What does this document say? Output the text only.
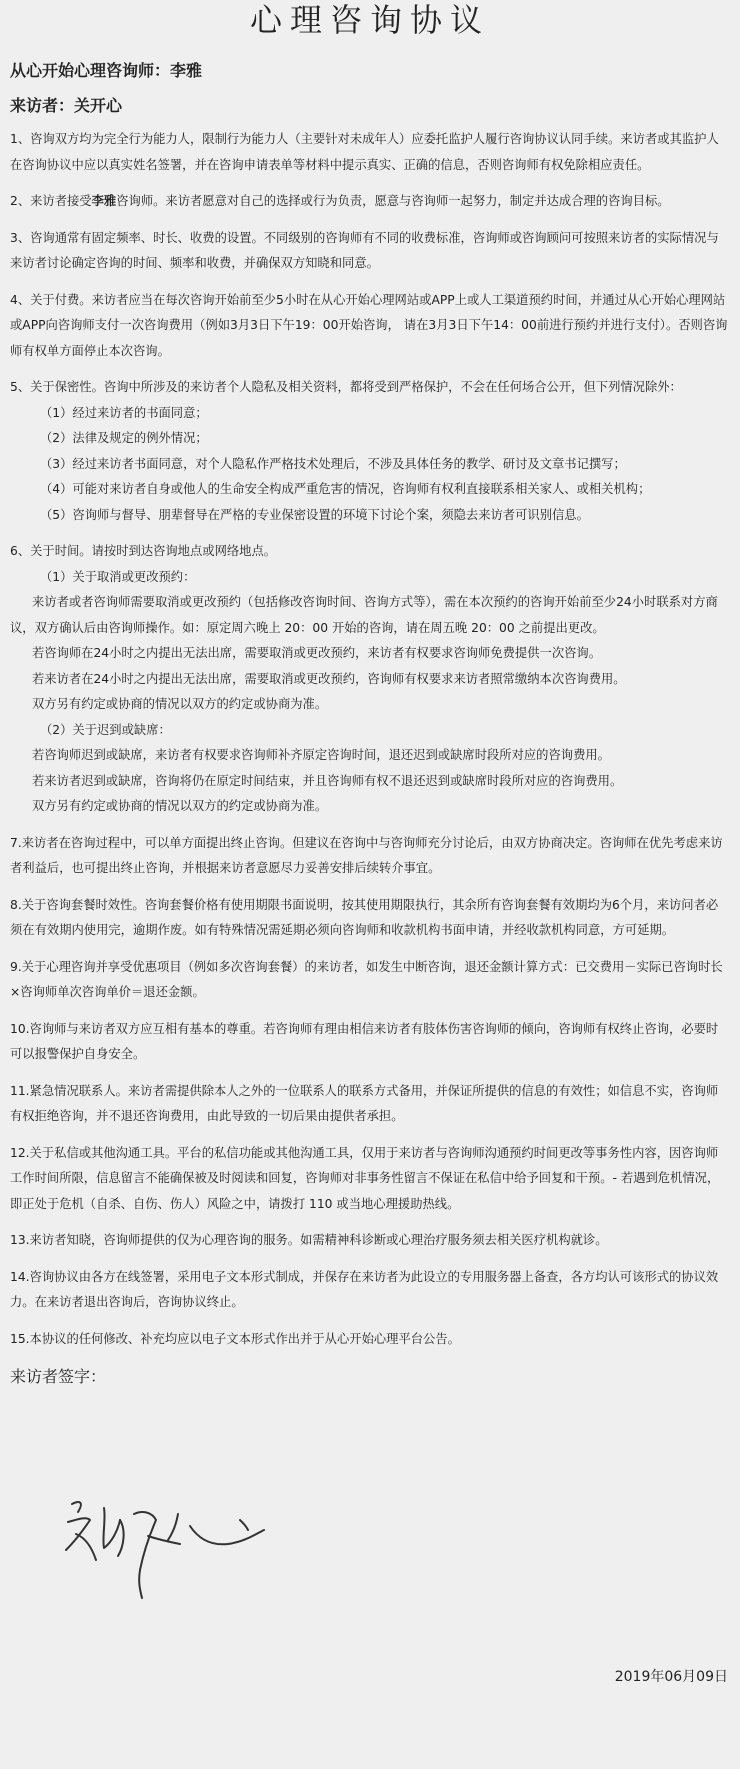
心理咨询协议
从心开始心理咨询师：李雅
来访者：关开心

1、咨询双方均为完全行为能力人，限制行为能力人（主要针对未成年人）应委托监护人履行咨询协议认同手续。来访者或其监护人在咨询协议中应以真实姓名签署，并在咨询申请表单等材料中提示真实、正确的信息，否则咨询师有权免除相应责任。

2、来访者接受李雅咨询师。来访者愿意对自己的选择或行为负责，愿意与咨询师一起努力，制定并达成合理的咨询目标。

3、咨询通常有固定频率、时长、收费的设置。不同级别的咨询师有不同的收费标准，咨询师或咨询顾问可按照来访者的实际情况与来访者讨论确定咨询的时间、频率和收费，并确保双方知晓和同意。

4、关于付费。来访者应当在每次咨询开始前至少5小时在从心开始心理网站或APP上或人工渠道预约时间，并通过从心开始心理网站或APP向咨询师支付一次咨询费用（例如3月3日下午19：00开始咨询， 请在3月3日下午14：00前进行预约并进行支付）。否则咨询师有权单方面停止本次咨询。

5、关于保密性。咨询中所涉及的来访者个人隐私及相关资料，都将受到严格保护，不会在任何场合公开，但下列情况除外：

（1）经过来访者的书面同意；
（2）法律及规定的例外情况；
（3）经过来访者书面同意，对个人隐私作严格技术处理后，不涉及具体任务的教学、研讨及文章书记撰写；
（4）可能对来访者自身或他人的生命安全构成严重危害的情况，咨询师有权利直接联系相关家人、或相关机构；
（5）咨询师与督导、朋辈督导在严格的专业保密设置的环境下讨论个案，须隐去来访者可识别信息。

6、关于时间。请按时到达咨询地点或网络地点。

（1）关于取消或更改预约：
来访者或者咨询师需要取消或更改预约（包括修改咨询时间、咨询方式等），需在本次预约的咨询开始前至少24小时联系对方商议，双方确认后由咨询师操作。如：原定周六晚上 20：00 开始的咨询，请在周五晚 20：00 之前提出更改。
若咨询师在24小时之内提出无法出席，需要取消或更改预约，来访者有权要求咨询师免费提供一次咨询。
若来访者在24小时之内提出无法出席，需要取消或更改预约，咨询师有权要求来访者照常缴纳本次咨询费用。
双方另有约定或协商的情况以双方的约定或协商为准。
（2）关于迟到或缺席：
若咨询师迟到或缺席，来访者有权要求咨询师补齐原定咨询时间，退还迟到或缺席时段所对应的咨询费用。
若来访者迟到或缺席，咨询将仍在原定时间结束，并且咨询师有权不退还迟到或缺席时段所对应的咨询费用。
双方另有约定或协商的情况以双方的约定或协商为准。

7.来访者在咨询过程中，可以单方面提出终止咨询。但建议在咨询中与咨询师充分讨论后，由双方协商决定。咨询师在优先考虑来访者利益后，也可提出终止咨询，并根据来访者意愿尽力妥善安排后续转介事宜。

8.关于咨询套餐时效性。咨询套餐价格有使用期限书面说明，按其使用期限执行，其余所有咨询套餐有效期均为6个月，来访问者必须在有效期内使用完，逾期作废。如有特殊情况需延期必须向咨询师和收款机构书面申请，并经收款机构同意，方可延期。

9.关于心理咨询并享受优惠项目（例如多次咨询套餐）的来访者，如发生中断咨询，退还金额计算方式：已交费用－实际已咨询时长×咨询师单次咨询单价＝退还金额。

10.咨询师与来访者双方应互相有基本的尊重。若咨询师有理由相信来访者有肢体伤害咨询师的倾向，咨询师有权终止咨询，必要时可以报警保护自身安全。

11.紧急情况联系人。来访者需提供除本人之外的一位联系人的联系方式备用，并保证所提供的信息的有效性；如信息不实，咨询师有权拒绝咨询，并不退还咨询费用，由此导致的一切后果由提供者承担。

12.关于私信或其他沟通工具。平台的私信功能或其他沟通工具，仅用于来访者与咨询师沟通预约时间更改等事务性内容，因咨询师工作时间所限，信息留言不能确保被及时阅读和回复，咨询师对非事务性留言不保证在私信中给予回复和干预。- 若遇到危机情况，即正处于危机（自杀、自伤、伤人）风险之中，请拨打 110 或当地心理援助热线。

13.来访者知晓，咨询师提供的仅为心理咨询的服务。如需精神科诊断或心理治疗服务须去相关医疗机构就诊。

14.咨询协议由各方在线签署，采用电子文本形式制成，并保存在来访者为此设立的专用服务器上备查，各方均认可该形式的协议效力。在来访者退出咨询后，咨询协议终止。

15.本协议的任何修改、补充均应以电子文本形式作出并于从心开始心理平台公告。

来访者签字：
2019年06月09日
